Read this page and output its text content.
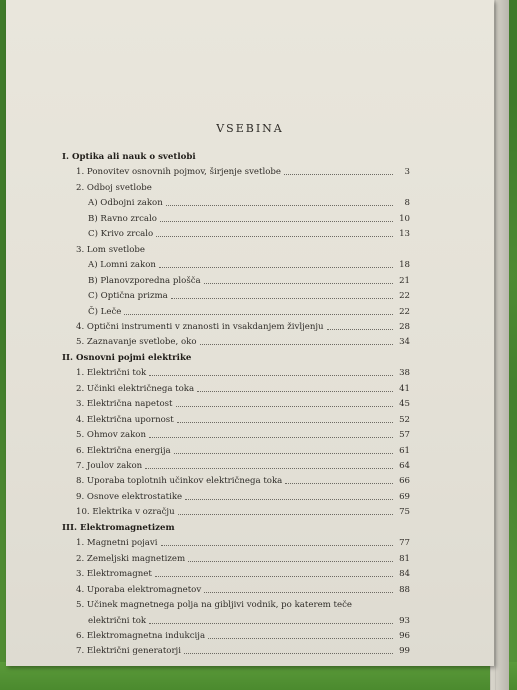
VSEBINA
I. Optika ali nauk o svetlobi
1. Ponovitev osnovnih pojmov, širjenje svetlobe	3
2. Odboj svetlobe
A) Odbojni zakon	8
B) Ravno zrcalo	10
C) Krivo zrcalo	13
3. Lom svetlobe
A) Lomni zakon	18
B) Planovzporedna plošča	21
C) Optična prizma	22
Č) Leče	22
4. Optični instrumenti v znanosti in vsakdanjem življenju	28
5. Zaznavanje svetlobe, oko	34
II. Osnovni pojmi elektrike
1. Električni tok	38
2. Učinki električnega toka	41
3. Električna napetost	45
4. Električna upornost	52
5. Ohmov zakon	57
6. Električna energija	61
7. Joulov zakon	64
8. Uporaba toplotnih učinkov električnega toka	66
9. Osnove elektrostatike	69
10. Elektrika v ozračju	75
III. Elektromagnetizem
1. Magnetni pojavi	77
2. Zemeljski magnetizem	81
3. Elektromagnet	84
4. Uporaba elektromagnetov	88
5. Učinek magnetnega polja na gibljivi vodnik, po katerem teče
električni tok	93
6. Elektromagnetna indukcija	96
7. Električni generatorji	99
